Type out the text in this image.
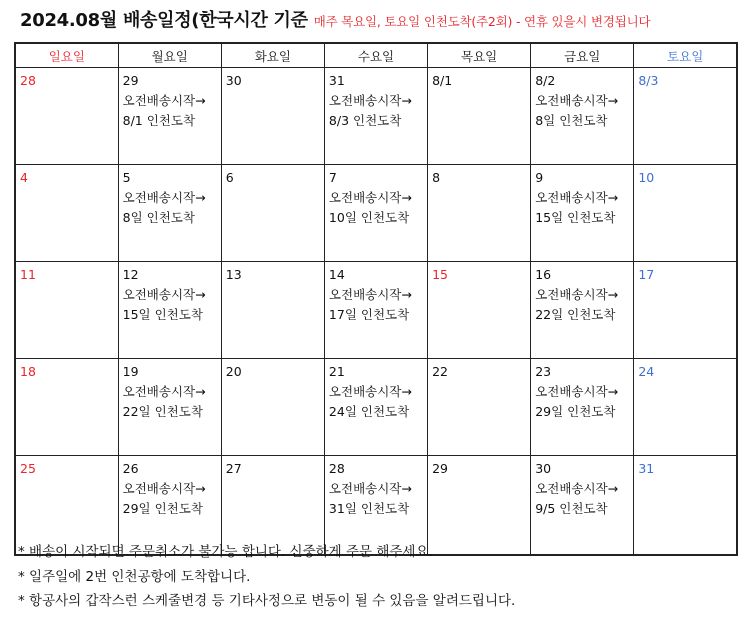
2024.08월 배송일정(한국시간 기준 매주 목요일, 토요일 인천도착(주2회) - 연휴 있을시 변경됩니다
일요일	월요일	화요일	수요일	목요일	금요일	토요일

28	29
오전배송시작→
8/1 인천도착	30	31
오전배송시작→
8/3 인천도착	8/1	8/2
오전배송시작→
8일 인천도착	8/3

4	5
오전배송시작→
8일 인천도착	6	7
오전배송시작→
10일 인천도착	8	9
오전배송시작→
15일 인천도착	10

11	12
오전배송시작→
15일 인천도착	13	14
오전배송시작→
17일 인천도착	15	16
오전배송시작→
22일 인천도착	17

18	19
오전배송시작→
22일 인천도착	20	21
오전배송시작→
24일 인천도착	22	23
오전배송시작→
29일 인천도착	24

25	26
오전배송시작→
29일 인천도착	27	28
오전배송시작→
31일 인천도착	29	30
오전배송시작→
9/5 인천도착	31
* 배송이 시작되면 주문취소가 불가능 합니다. 신중하게 주문 해주세요.
* 일주일에 2번 인천공항에 도착합니다.
* 항공사의 갑작스런 스케줄변경 등 기타사정으로 변동이 될 수 있음을 알려드립니다.
